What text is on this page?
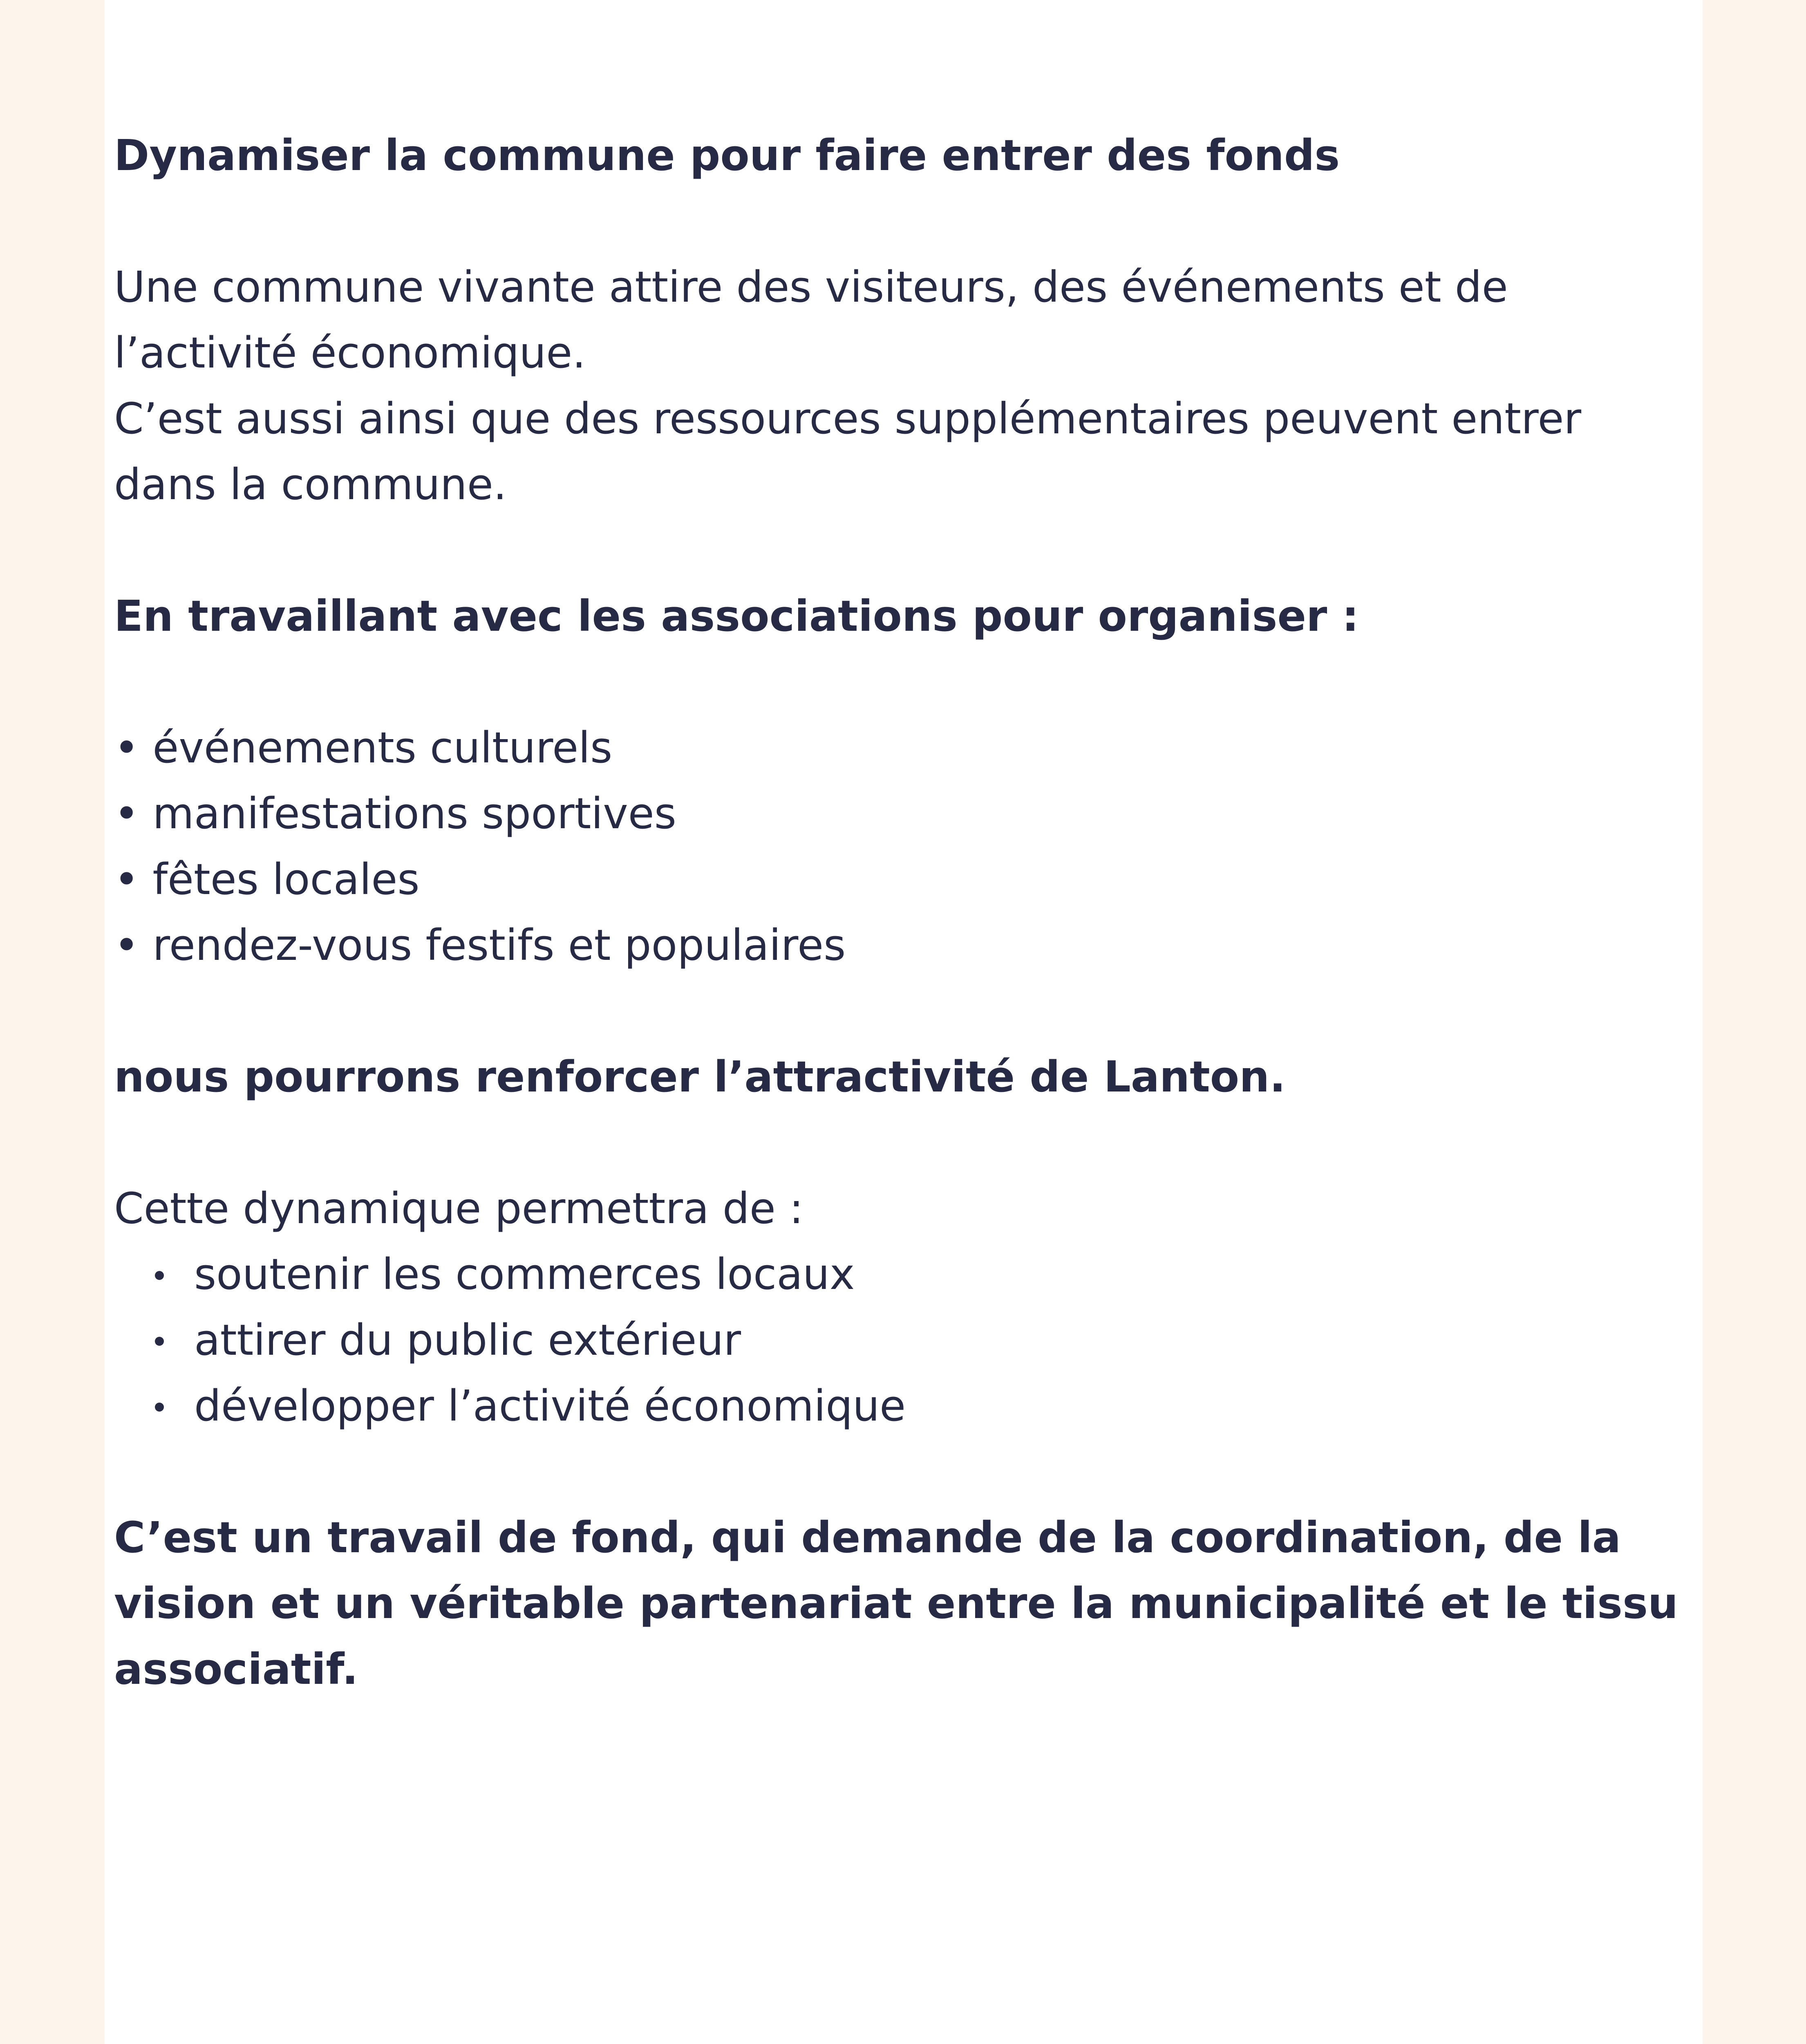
Dynamiser la commune pour faire entrer des fonds

Une commune vivante attire des visiteurs, des événements et de
l’activité économique.
C’est aussi ainsi que des ressources supplémentaires peuvent entrer
dans la commune.

En travaillant avec les associations pour organiser :

• événements culturels
• manifestations sportives
• fêtes locales
• rendez-vous festifs et populaires

nous pourrons renforcer l’attractivité de Lanton.

Cette dynamique permettra de :

soutenir les commerces locaux
attirer du public extérieur
développer l’activité économique

C’est un travail de fond, qui demande de la coordination, de la
vision et un véritable partenariat entre la municipalité et le tissu
associatif.
